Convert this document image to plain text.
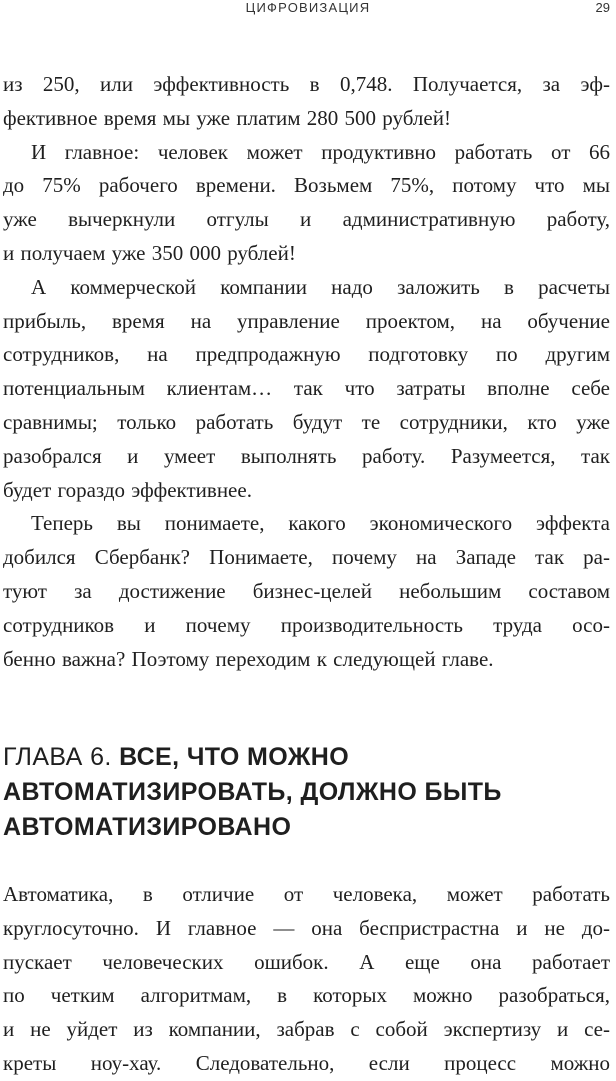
ЦИФРОВИЗАЦИЯ	29
из 250, или эффективность в 0,748. Получается, за эф-
фективное время мы уже платим 280 500 рублей!
И главное: человек может продуктивно работать от 66
до 75% рабочего времени. Возьмем 75%, потому что мы
уже вычеркнули отгулы и административную работу,
и получаем уже 350 000 рублей!
А коммерческой компании надо заложить в расчеты
прибыль, время на управление проектом, на обучение
сотрудников, на предпродажную подготовку по другим
потенциальным клиентам… так что затраты вполне себе
сравнимы; только работать будут те сотрудники, кто уже
разобрался и умеет выполнять работу. Разумеется, так
будет гораздо эффективнее.
Теперь вы понимаете, какого экономического эффекта
добился Сбербанк? Понимаете, почему на Западе так ра-
туют за достижение бизнес-целей небольшим составом
сотрудников и почему производительность труда осо-
бенно важна? Поэтому переходим к следующей главе.
ГЛАВА 6. ВСЕ, ЧТО МОЖНО
АВТОМАТИЗИРОВАТЬ, ДОЛЖНО БЫТЬ
АВТОМАТИЗИРОВАНО
Автоматика, в отличие от человека, может работать
круглосуточно. И главное — она беспристрастна и не до-
пускает человеческих ошибок. А еще она работает
по четким алгоритмам, в которых можно разобраться,
и не уйдет из компании, забрав с собой экспертизу и се-
креты ноу-хау. Следовательно, если процесс можно
